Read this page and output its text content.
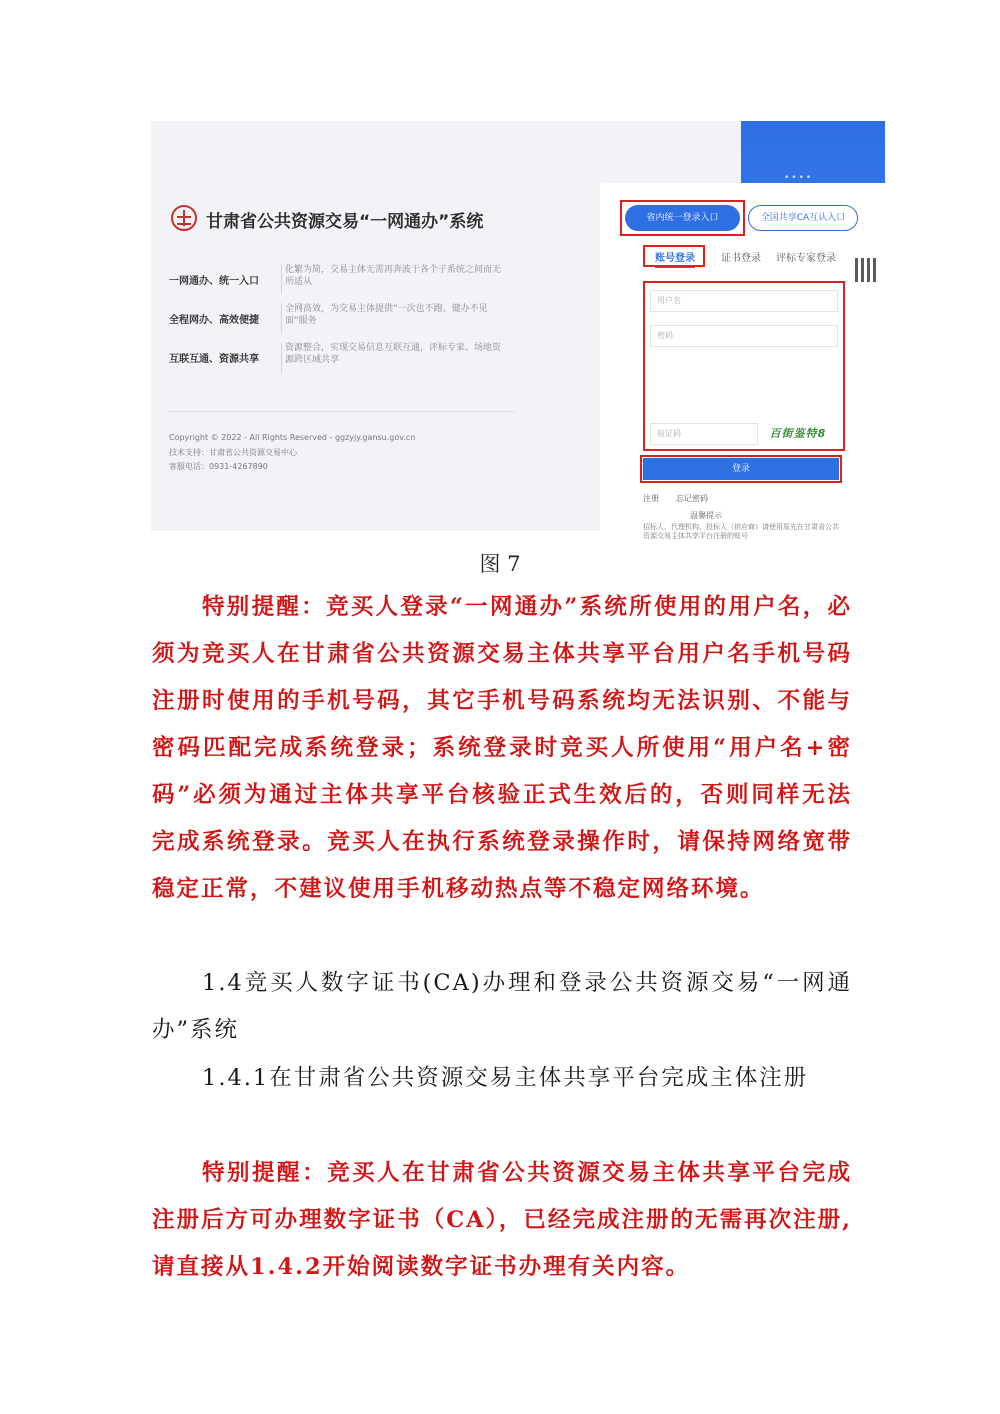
••••
甘肃省公共资源交易“一网通办”系统
一网通办、统一入口
化繁为简，交易主体无需再奔波于各个子系统之间而无所适从
全程网办、高效便捷
全网高效，为交易主体提供“一次也不跑、键办不见面”服务
互联互通、资源共享
资源整合，实现交易信息互联互通，评标专家、场地资源跨区域共享
Copyright © 2022 - All Rights Reserved - ggzyjy.gansu.gov.cn
技术支持：甘肃省公共资源交易中心
客服电话：0931-4267890
省内统一登录入口	全国共享CA互认入口
账号登录	证书登录 评标专家登录
用户名
密码
验证码	百街鉴特8
登录
注册 忘记密码
温馨提示
招标人、代理机构、投标人（供应商）请使用原先在甘肃省公共资源交易主体共享平台注册的账号
图 7

特别提醒：竞买人登录“一网通办”系统所使用的用户名，必须为竞买人在甘肃省公共资源交易主体共享平台用户名手机号码注册时使用的手机号码，其它手机号码系统均无法识别、不能与密码匹配完成系统登录；系统登录时竞买人所使用“用户名+密码”必须为通过主体共享平台核验正式生效后的，否则同样无法完成系统登录。竞买人在执行系统登录操作时，请保持网络宽带稳定正常，不建议使用手机移动热点等不稳定网络环境。

1.4竞买人数字证书(CA)办理和登录公共资源交易“一网通办”系统

1.4.1在甘肃省公共资源交易主体共享平台完成主体注册

特别提醒：竞买人在甘肃省公共资源交易主体共享平台完成注册后方可办理数字证书（CA），已经完成注册的无需再次注册,请直接从1.4.2开始阅读数字证书办理有关内容。
